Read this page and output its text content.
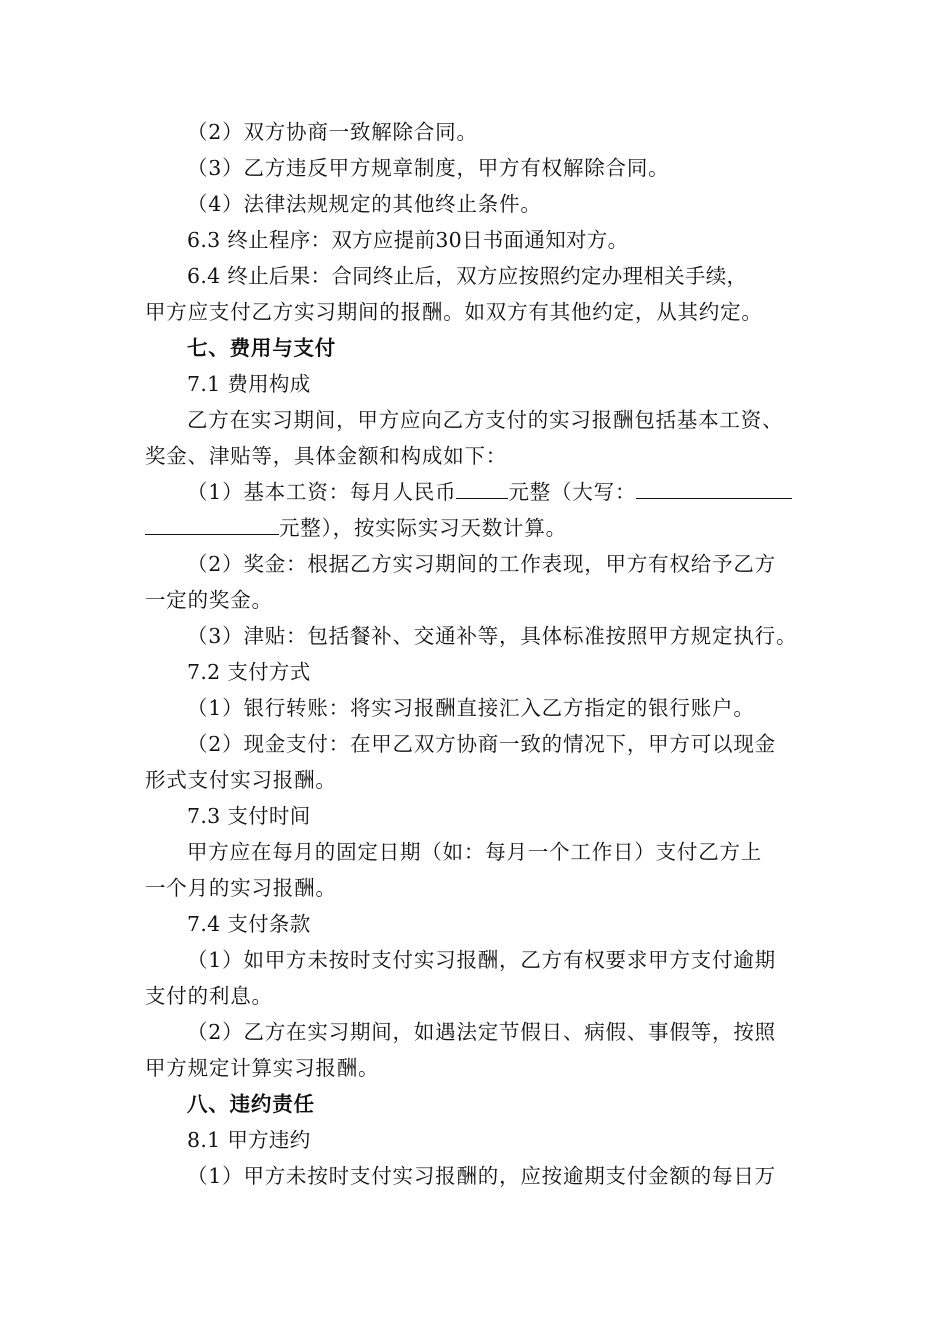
（2）双方协商一致解除合同。
（3）乙方违反甲方规章制度，甲方有权解除合同。
（4）法律法规规定的其他终止条件。
6.3 终止程序：双方应提前30日书面通知对方。
6.4 终止后果：合同终止后，双方应按照约定办理相关手续，
甲方应支付乙方实习期间的报酬。如双方有其他约定，从其约定。
七、费用与支付
7.1 费用构成
乙方在实习期间，甲方应向乙方支付的实习报酬包括基本工资、
奖金、津贴等，具体金额和构成如下：
（1）基本工资：每月人民币	元整（大写：
元整），按实际实习天数计算。
（2）奖金：根据乙方实习期间的工作表现，甲方有权给予乙方
一定的奖金。
（3）津贴：包括餐补、交通补等，具体标准按照甲方规定执行。
7.2 支付方式
（1）银行转账：将实习报酬直接汇入乙方指定的银行账户。
（2）现金支付：在甲乙双方协商一致的情况下，甲方可以现金
形式支付实习报酬。
7.3 支付时间
甲方应在每月的固定日期（如：每月一个工作日）支付乙方上
一个月的实习报酬。
7.4 支付条款
（1）如甲方未按时支付实习报酬，乙方有权要求甲方支付逾期
支付的利息。
（2）乙方在实习期间，如遇法定节假日、病假、事假等，按照
甲方规定计算实习报酬。
八、违约责任
8.1 甲方违约
（1）甲方未按时支付实习报酬的，应按逾期支付金额的每日万
